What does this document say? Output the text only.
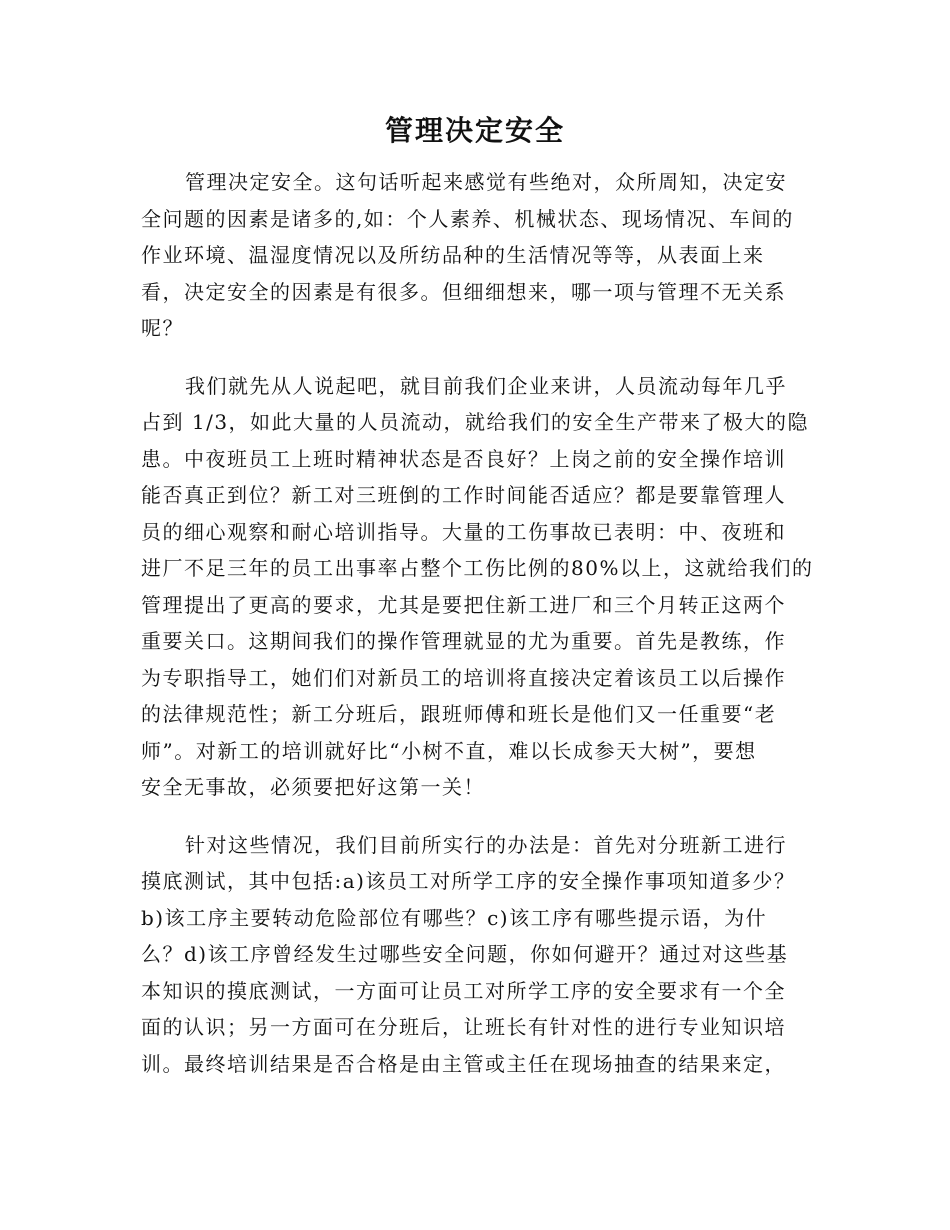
管理决定安全

管理决定安全。这句话听起来感觉有些绝对，众所周知，决定安
全问题的因素是诸多的,如：个人素养、机械状态、现场情况、车间的
作业环境、温湿度情况以及所纺品种的生活情况等等，从表面上来
看，决定安全的因素是有很多。但细细想来，哪一项与管理不无关系
呢？

我们就先从人说起吧，就目前我们企业来讲，人员流动每年几乎
占到 1/3，如此大量的人员流动，就给我们的安全生产带来了极大的隐
患。中夜班员工上班时精神状态是否良好？上岗之前的安全操作培训
能否真正到位？新工对三班倒的工作时间能否适应？都是要靠管理人
员的细心观察和耐心培训指导。大量的工伤事故已表明：中、夜班和
进厂不足三年的员工出事率占整个工伤比例的80%以上，这就给我们的
管理提出了更高的要求，尤其是要把住新工进厂和三个月转正这两个
重要关口。这期间我们的操作管理就显的尤为重要。首先是教练，作
为专职指导工，她们们对新员工的培训将直接决定着该员工以后操作
的法律规范性；新工分班后，跟班师傅和班长是他们又一任重要“老
师”。对新工的培训就好比“小树不直，难以长成参天大树”，要想
安全无事故，必须要把好这第一关！

针对这些情况，我们目前所实行的办法是：首先对分班新工进行
摸底测试，其中包括:a)该员工对所学工序的安全操作事项知道多少？
b)该工序主要转动危险部位有哪些？c)该工序有哪些提示语，为什
么？d)该工序曾经发生过哪些安全问题，你如何避开？通过对这些基
本知识的摸底测试，一方面可让员工对所学工序的安全要求有一个全
面的认识；另一方面可在分班后，让班长有针对性的进行专业知识培
训。最终培训结果是否合格是由主管或主任在现场抽查的结果来定，
